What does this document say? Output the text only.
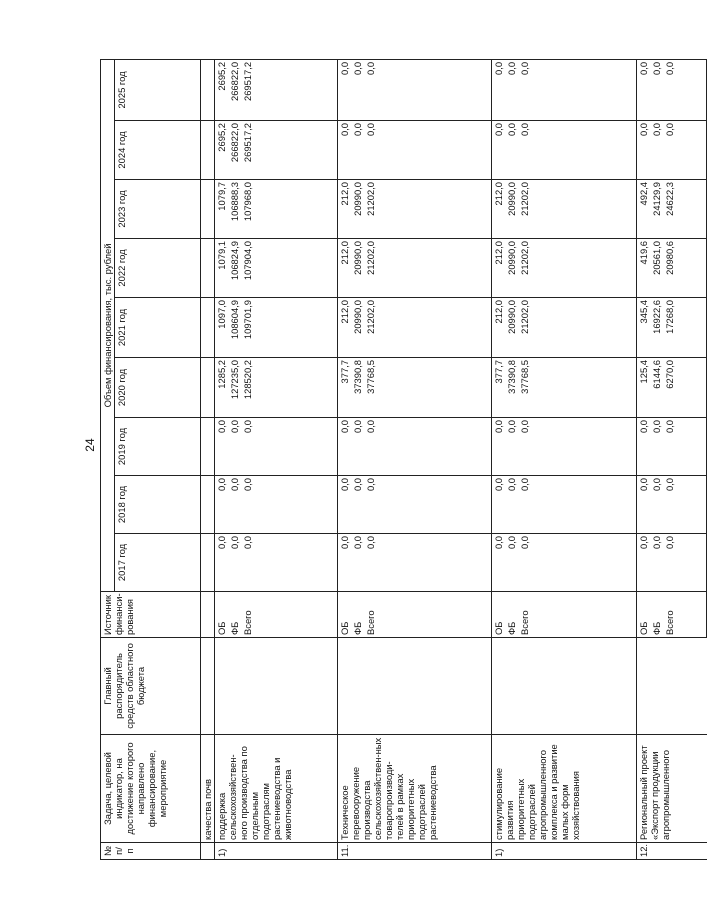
24
№ п/п	Задача, целевой индикатор, на достижение которого направлено финансирование, мероприятие	Главный распорядитель средств областного бюджета	Источник финанси-рования	Объем финансирования, тыс. рублей								
				2017 год	2018 год	2019 год	2020 год	2021 год	2022 год	2023 год	2024 год	2025 год
	качества почв											
1)	поддержка сельскохозяйствен-ного производства по отдельным подотраслям растениеводства и животноводства		ОБ	0,0	0,0	0,0	1285,2	1097,0	1079,1	1079,7	2695,2	2695,2
			ФБ	0,0	0,0	0,0	127235,0	108604,9	106824,9	106888,3	266822,0	266822,0
			Всего	0,0	0,0	0,0	128520,2	109701,9	107904,0	107968,0	269517,2	269517,2
11.	Техническое перевооружение производства сельскохозяйствен-ных товаропроизводи-телей в рамках приоритетных подотраслей растениеводства		ОБ	0,0	0,0	0,0	377,7	212,0	212,0	212,0	0,0	0,0
			ФБ	0,0	0,0	0,0	37390,8	20990,0	20990,0	20990,0	0,0	0,0
			Всего	0,0	0,0	0,0	37768,5	21202,0	21202,0	21202,0	0,0	0,0
1)	стимулирование развития приоритетных подотраслей агропромышленного комплекса и развитие малых форм хозяйствования		ОБ	0,0	0,0	0,0	377,7	212,0	212,0	212,0	0,0	0,0
			ФБ	0,0	0,0	0,0	37390,8	20990,0	20990,0	20990,0	0,0	0,0
			Всего	0,0	0,0	0,0	37768,5	21202,0	21202,0	21202,0	0,0	0,0
12.	Региональный проект «Экспорт продукции агропромышленного		ОБ	0,0	0,0	0,0	125,4	345,4	419,6	492,4	0,0	0,0
			ФБ	0,0	0,0	0,0	6144,6	16922,6	20561,0	24129,9	0,0	0,0
			Всего	0,0	0,0	0,0	6270,0	17268,0	20980,6	24622,3	0,0	0,0
